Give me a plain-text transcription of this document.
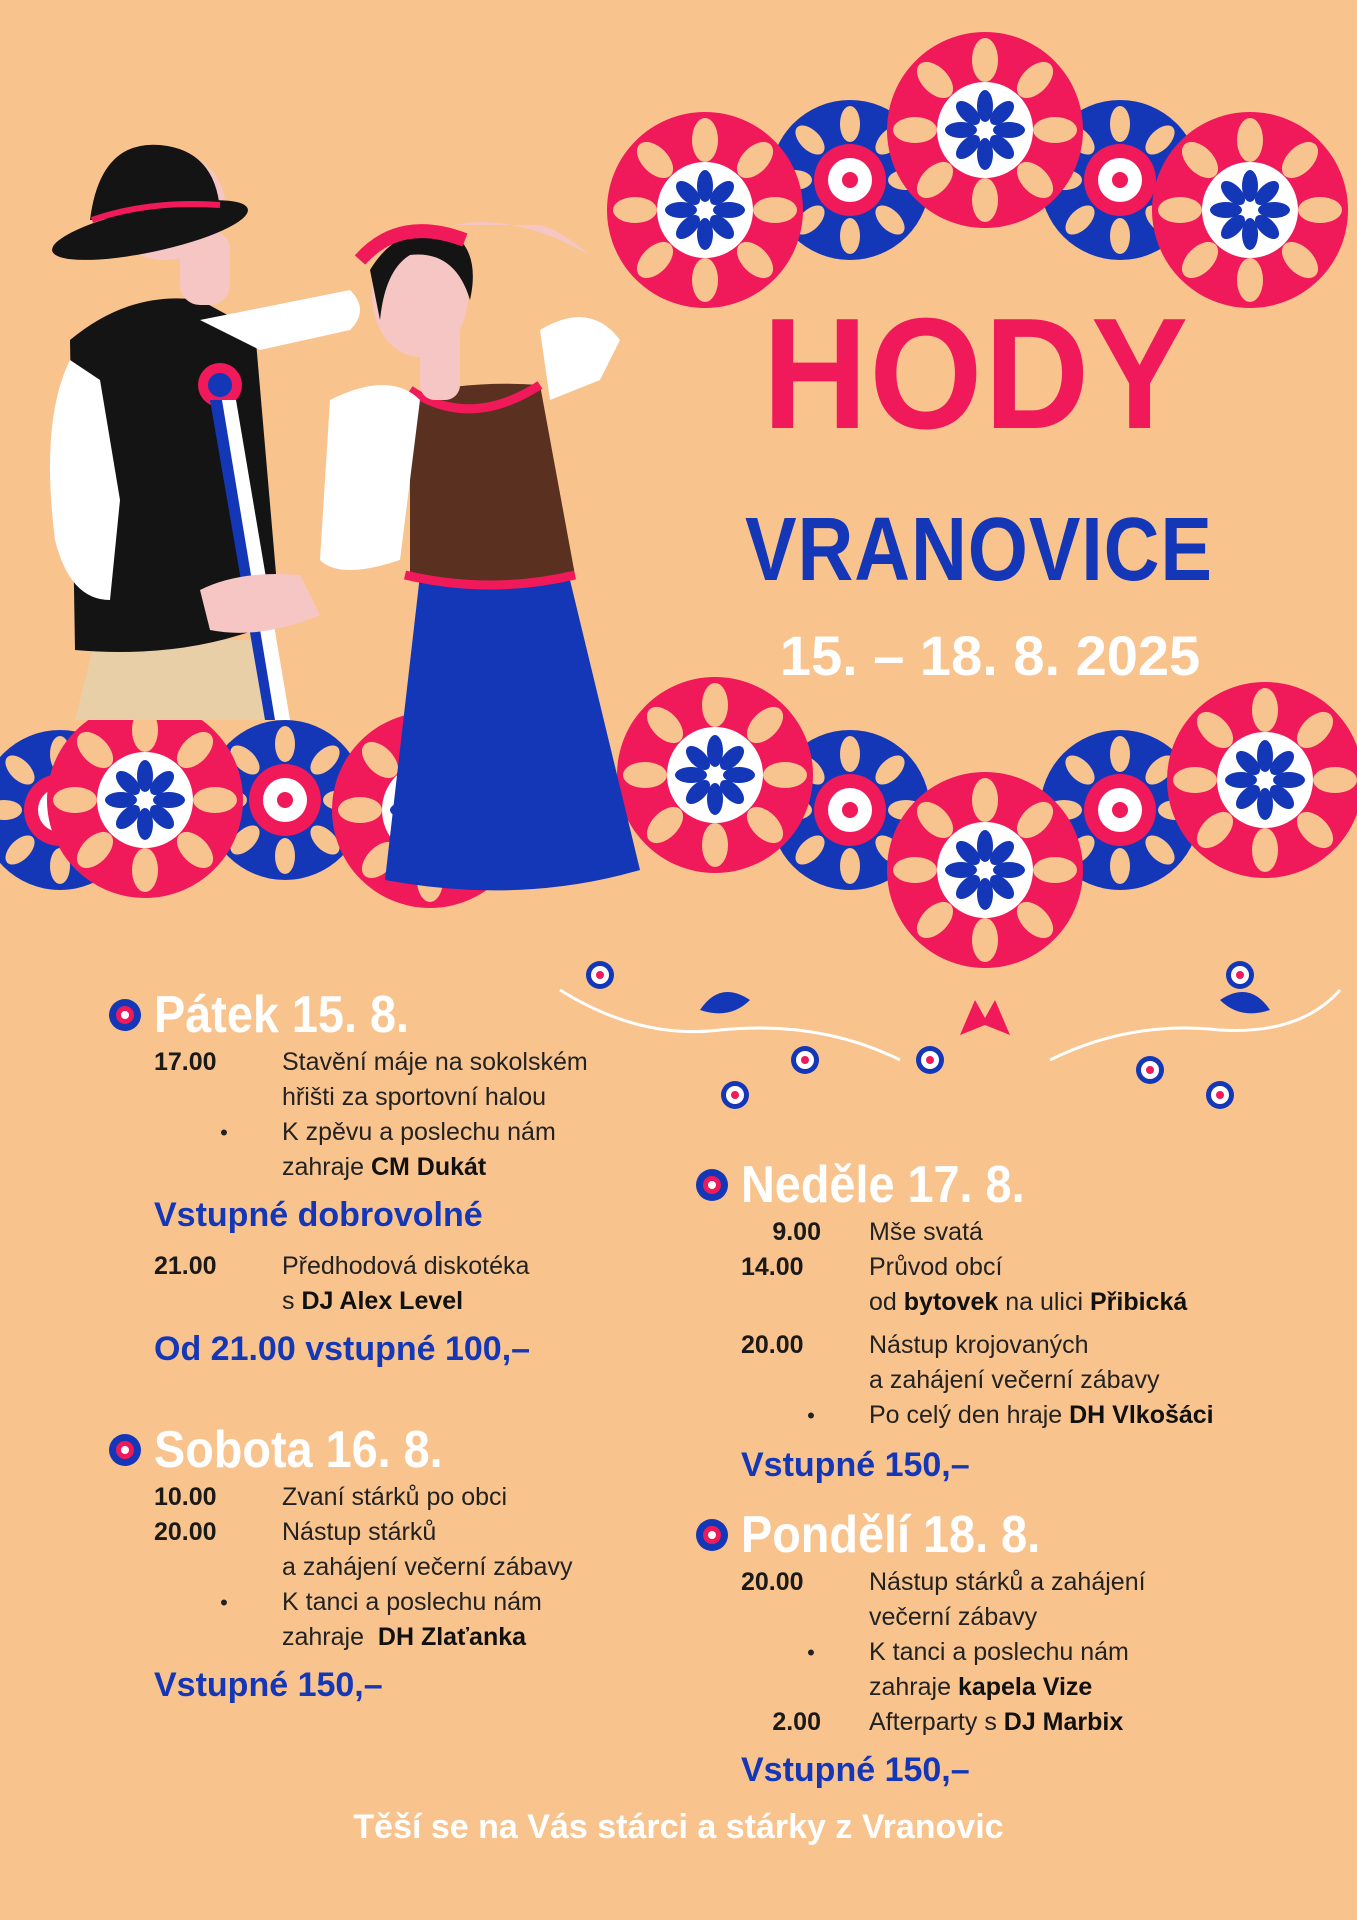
HODY
VRANOVICE
15. – 18. 8. 2025
Pátek 15. 8.
17.00	Stavění máje na sokolském
hřišti za sportovní halou
•	K zpěvu a poslechu nám
zahraje CM Dukát
Vstupné dobrovolné
21.00	Předhodová diskotéka
s DJ Alex Level
Od 21.00 vstupné 100,–
Sobota 16. 8.
10.00	Zvaní stárků po obci
20.00	Nástup stárků
a zahájení večerní zábavy
•	K tanci a poslechu nám
zahraje  DH Zlaťanka
Vstupné 150,–
Neděle 17. 8.
9.00	Mše svatá
14.00	Průvod obcí
od bytovek na ulici Přibická
20.00	Nástup krojovaných
a zahájení večerní zábavy
•	Po celý den hraje DH Vlkošáci
Vstupné 150,–
Pondělí 18. 8.
20.00	Nástup stárků a zahájení
večerní zábavy
•	K tanci a poslechu nám
zahraje kapela Vize
2.00	Afterparty s DJ Marbix
Vstupné 150,–
Těší se na Vás stárci a stárky z Vranovic
